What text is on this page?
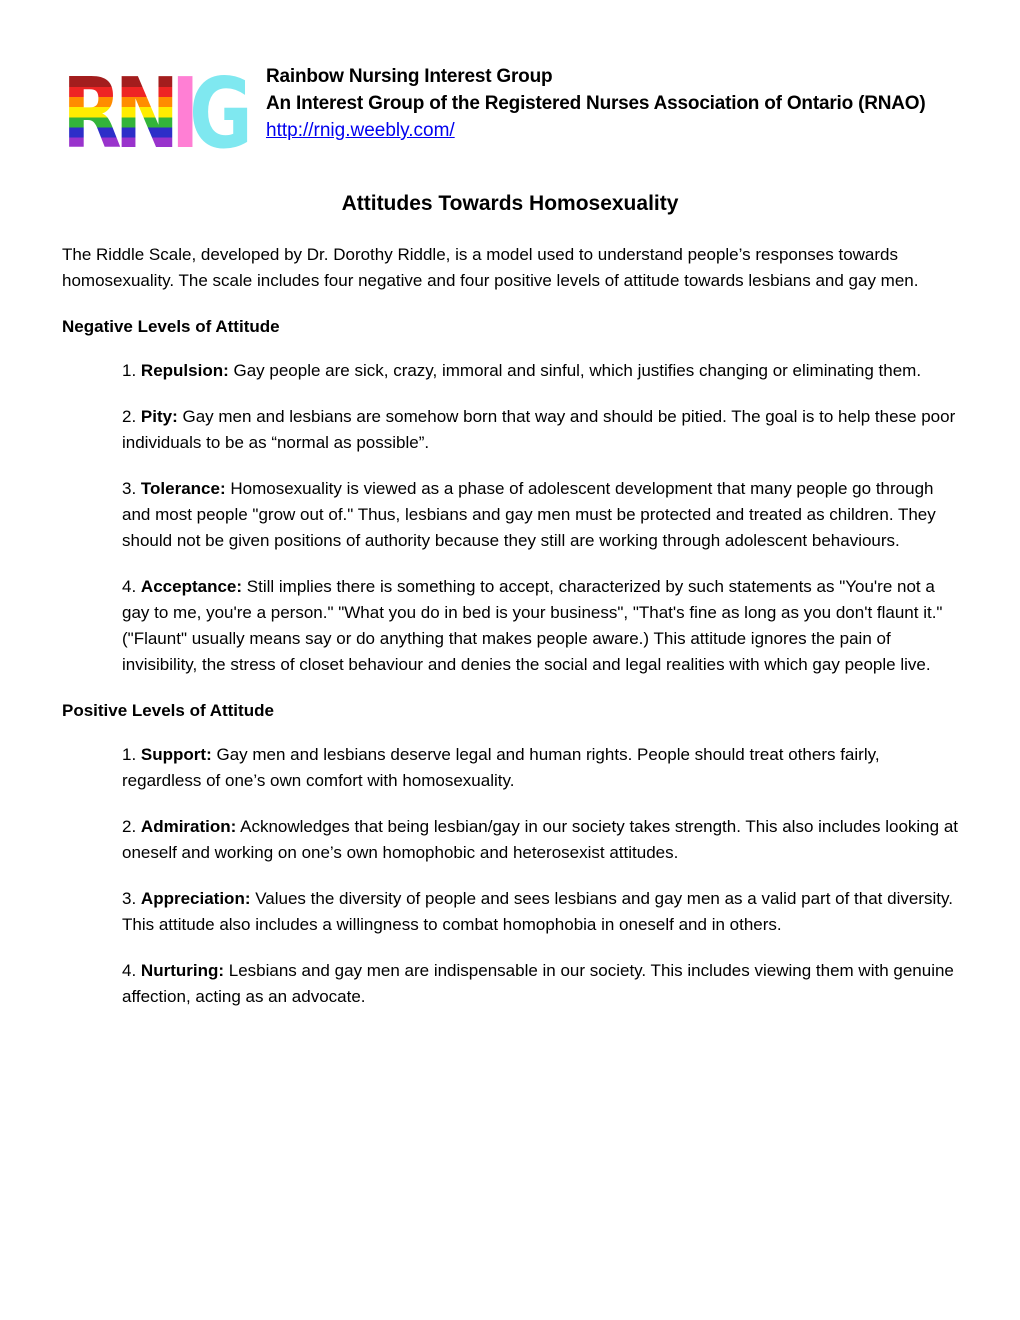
RNIG Rainbow Nursing Interest Group
An Interest Group of the Registered Nurses Association of Ontario (RNAO)
http://rnig.weebly.com/
Attitudes Towards Homosexuality

The Riddle Scale, developed by Dr. Dorothy Riddle, is a model used to understand people’s responses towards homosexuality. The scale includes four negative and four positive levels of attitude towards lesbians and gay men.

Negative Levels of Attitude

1. Repulsion: Gay people are sick, crazy, immoral and sinful, which justifies changing or eliminating them.

2. Pity: Gay men and lesbians are somehow born that way and should be pitied. The goal is to help these poor individuals to be as “normal as possible”.

3. Tolerance: Homosexuality is viewed as a phase of adolescent development that many people go through and most people "grow out of." Thus, lesbians and gay men must be protected and treated as children. They should not be given positions of authority because they still are working through adolescent behaviours.

4. Acceptance: Still implies there is something to accept, characterized by such statements as "You're not a gay to me, you're a person." "What you do in bed is your business", "That's fine as long as you don't flaunt it." ("Flaunt" usually means say or do anything that makes people aware.) This attitude ignores the pain of invisibility, the stress of closet behaviour and denies the social and legal realities with which gay people live.

Positive Levels of Attitude

1. Support: Gay men and lesbians deserve legal and human rights. People should treat others fairly, regardless of one’s own comfort with homosexuality.

2. Admiration: Acknowledges that being lesbian/gay in our society takes strength. This also includes looking at oneself and working on one’s own homophobic and heterosexist attitudes.

3. Appreciation: Values the diversity of people and sees lesbians and gay men as a valid part of that diversity. This attitude also includes a willingness to combat homophobia in oneself and in others.

4. Nurturing: Lesbians and gay men are indispensable in our society. This includes viewing them with genuine affection, acting as an advocate.
